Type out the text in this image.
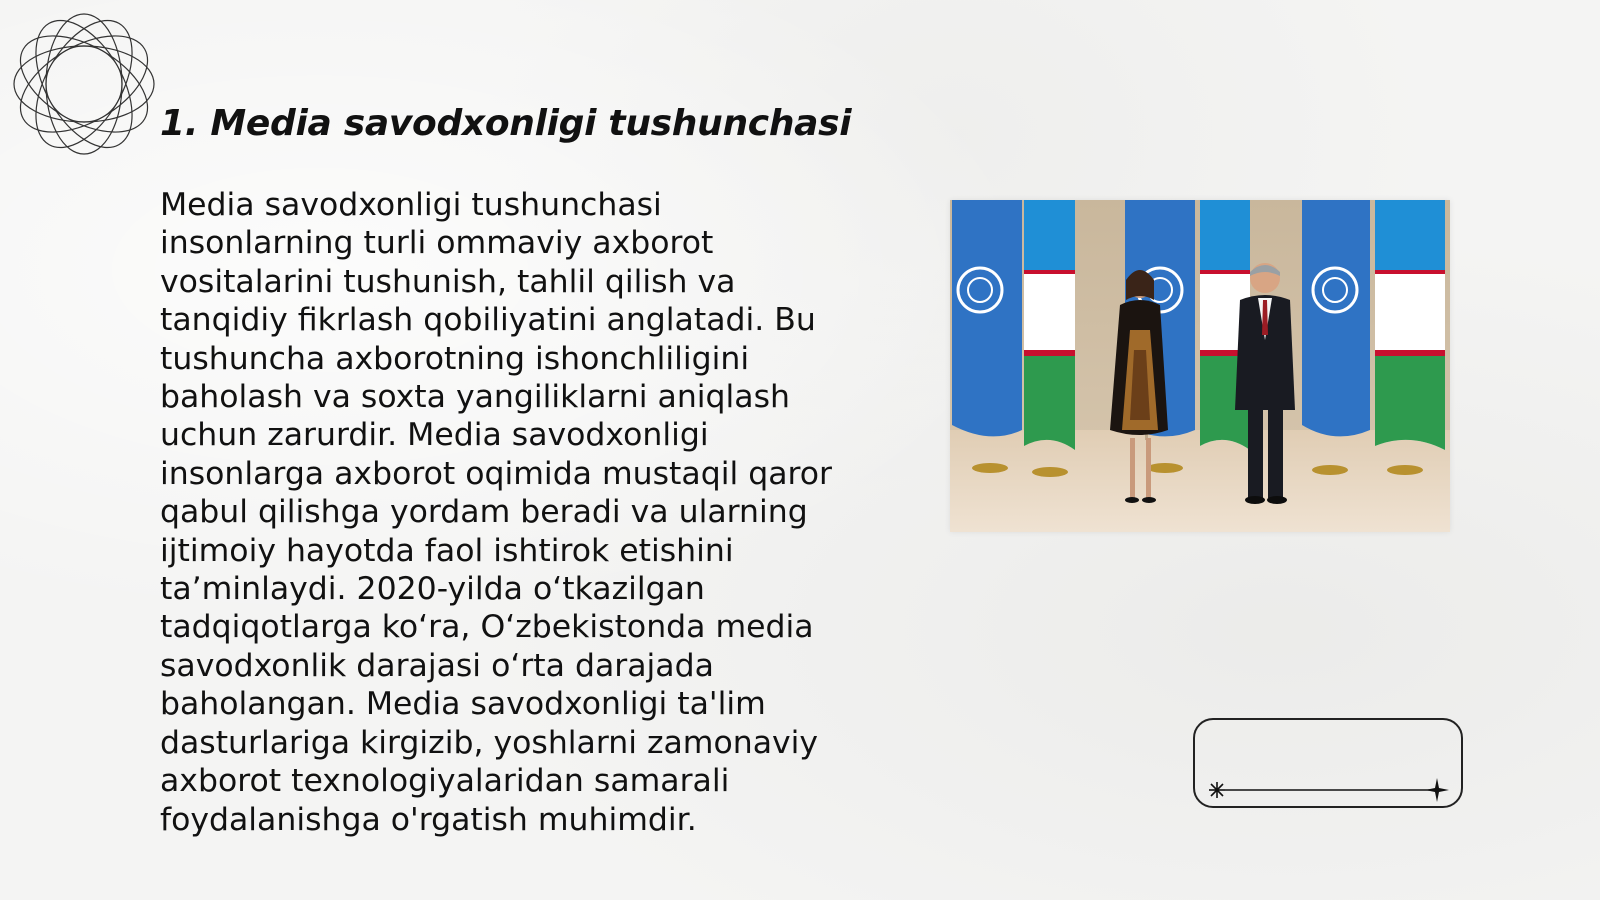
1. Media savodxonligi tushunchasi

Media savodxonligi tushunchasi insonlarning turli ommaviy axborot vositalarini tushunish, tahlil qilish va tanqidiy fikrlash qobiliyatini anglatadi. Bu tushuncha axborotning ishonchliligini baholash va soxta yangiliklarni aniqlash uchun zarurdir. Media savodxonligi insonlarga axborot oqimida mustaqil qaror qabul qilishga yordam beradi va ularning ijtimoiy hayotda faol ishtirok etishini ta’minlaydi. 2020-yilda o‘tkazilgan tadqiqotlarga ko‘ra, O‘zbekistonda media savodxonlik darajasi o‘rta darajada baholangan. Media savodxonligi ta'lim dasturlariga kirgizib, yoshlarni zamonaviy axborot texnologiyalaridan samarali foydalanishga o'rgatish muhimdir.
